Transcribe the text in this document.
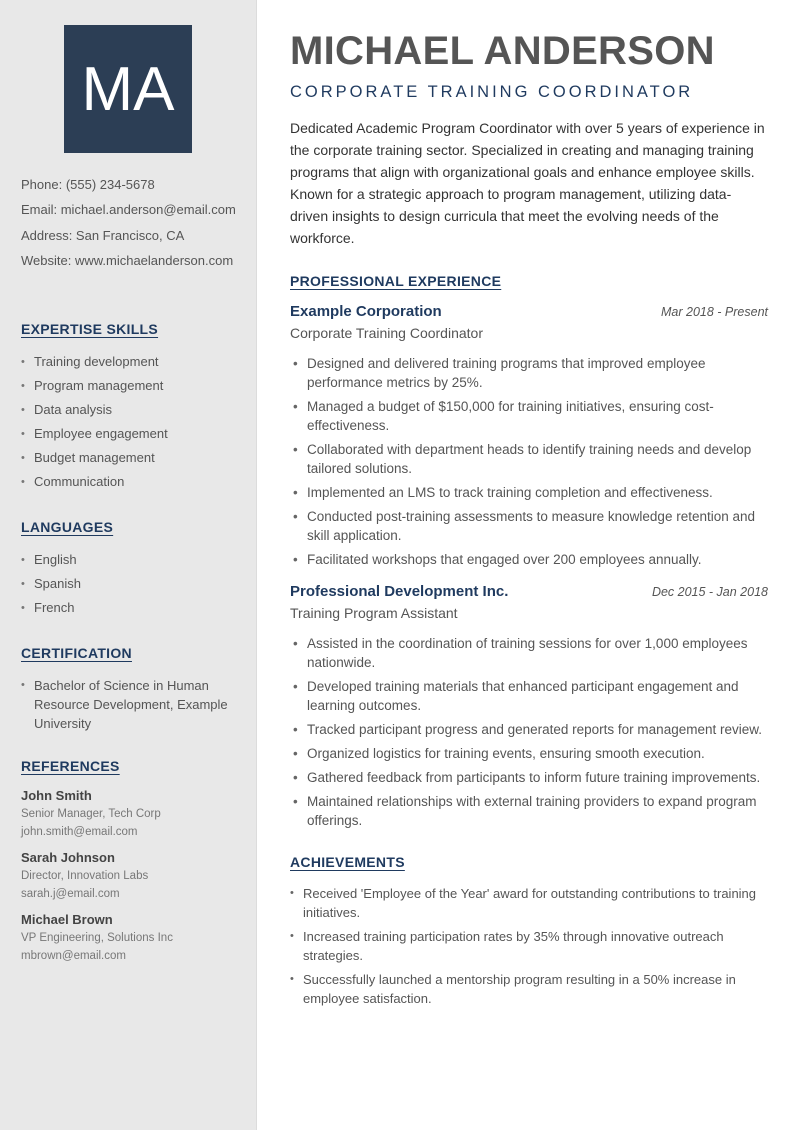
MA
Phone: (555) 234-5678
Email: michael.anderson@email.com
Address: San Francisco, CA
Website: www.michaelanderson.com
EXPERTISE SKILLS
• Training development
• Program management
• Data analysis
• Employee engagement
• Budget management
• Communication
LANGUAGES
• English
• Spanish
• French
CERTIFICATION
• Bachelor of Science in Human Resource Development, Example University
REFERENCES
John Smith
Senior Manager, Tech Corp
john.smith@email.com
Sarah Johnson
Director, Innovation Labs
sarah.j@email.com
Michael Brown
VP Engineering, Solutions Inc
mbrown@email.com
MICHAEL ANDERSON
CORPORATE TRAINING COORDINATOR
Dedicated Academic Program Coordinator with over 5 years of experience in the corporate training sector. Specialized in creating and managing training programs that align with organizational goals and enhance employee skills. Known for a strategic approach to program management, utilizing data-driven insights to design curricula that meet the evolving needs of the workforce.
PROFESSIONAL EXPERIENCE
Example Corporation	Mar 2018 - Present
Corporate Training Coordinator
• Designed and delivered training programs that improved employee performance metrics by 25%.
• Managed a budget of $150,000 for training initiatives, ensuring cost-effectiveness.
• Collaborated with department heads to identify training needs and develop tailored solutions.
• Implemented an LMS to track training completion and effectiveness.
• Conducted post-training assessments to measure knowledge retention and skill application.
• Facilitated workshops that engaged over 200 employees annually.
Professional Development Inc.	Dec 2015 - Jan 2018
Training Program Assistant
• Assisted in the coordination of training sessions for over 1,000 employees nationwide.
• Developed training materials that enhanced participant engagement and learning outcomes.
• Tracked participant progress and generated reports for management review.
• Organized logistics for training events, ensuring smooth execution.
• Gathered feedback from participants to inform future training improvements.
• Maintained relationships with external training providers to expand program offerings.
ACHIEVEMENTS
• Received 'Employee of the Year' award for outstanding contributions to training initiatives.
• Increased training participation rates by 35% through innovative outreach strategies.
• Successfully launched a mentorship program resulting in a 50% increase in employee satisfaction.
